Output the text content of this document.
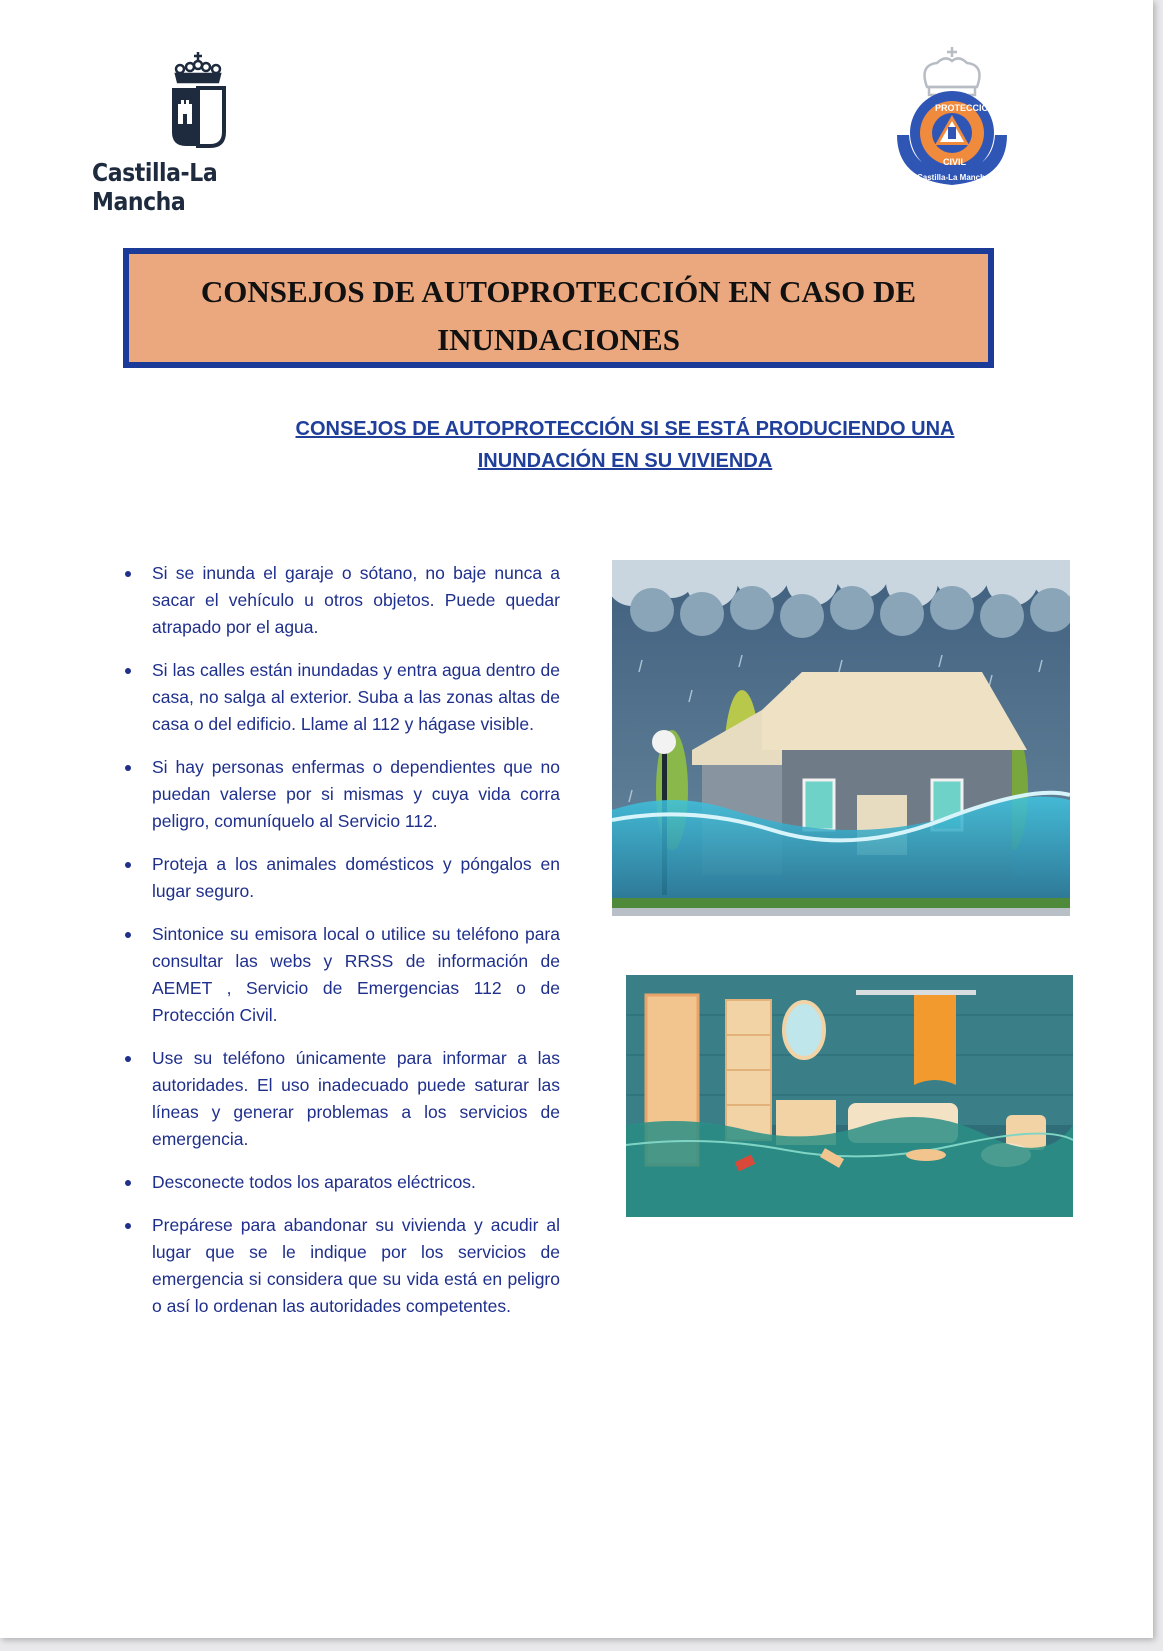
Castilla-La Mancha
PROTECCIÓN
CIVIL
Castilla-La Mancha
CONSEJOS DE AUTOPROTECCIÓN EN CASO DE INUNDACIONES
CONSEJOS DE AUTOPROTECCIÓN SI SE ESTÁ PRODUCIENDO UNA INUNDACIÓN EN SU VIVIENDA
Si se inunda el garaje o sótano, no baje nunca a sacar el vehículo u otros objetos. Puede quedar atrapado por el agua.
Si las calles están inundadas y entra agua dentro de casa, no salga al exterior. Suba a las zonas altas de casa o del edificio. Llame al 112 y hágase visible.
Si hay personas enfermas o dependientes que no puedan valerse por si mismas y cuya vida corra peligro, comuníquelo al Servicio 112.
Proteja a los animales domésticos y póngalos en lugar seguro.
Sintonice su emisora local o utilice su teléfono para consultar las webs y RRSS de información de AEMET , Servicio de Emergencias 112 o de Protección Civil.
Use su teléfono únicamente para informar a las autoridades. El uso inadecuado puede saturar las líneas y generar problemas a los servicios de emergencia.
Desconecte todos los aparatos eléctricos.
Prepárese para abandonar su vivienda y acudir al lugar que se le indique por los servicios de emergencia si considera que su vida está en peligro o así lo ordenan las autoridades competentes.
